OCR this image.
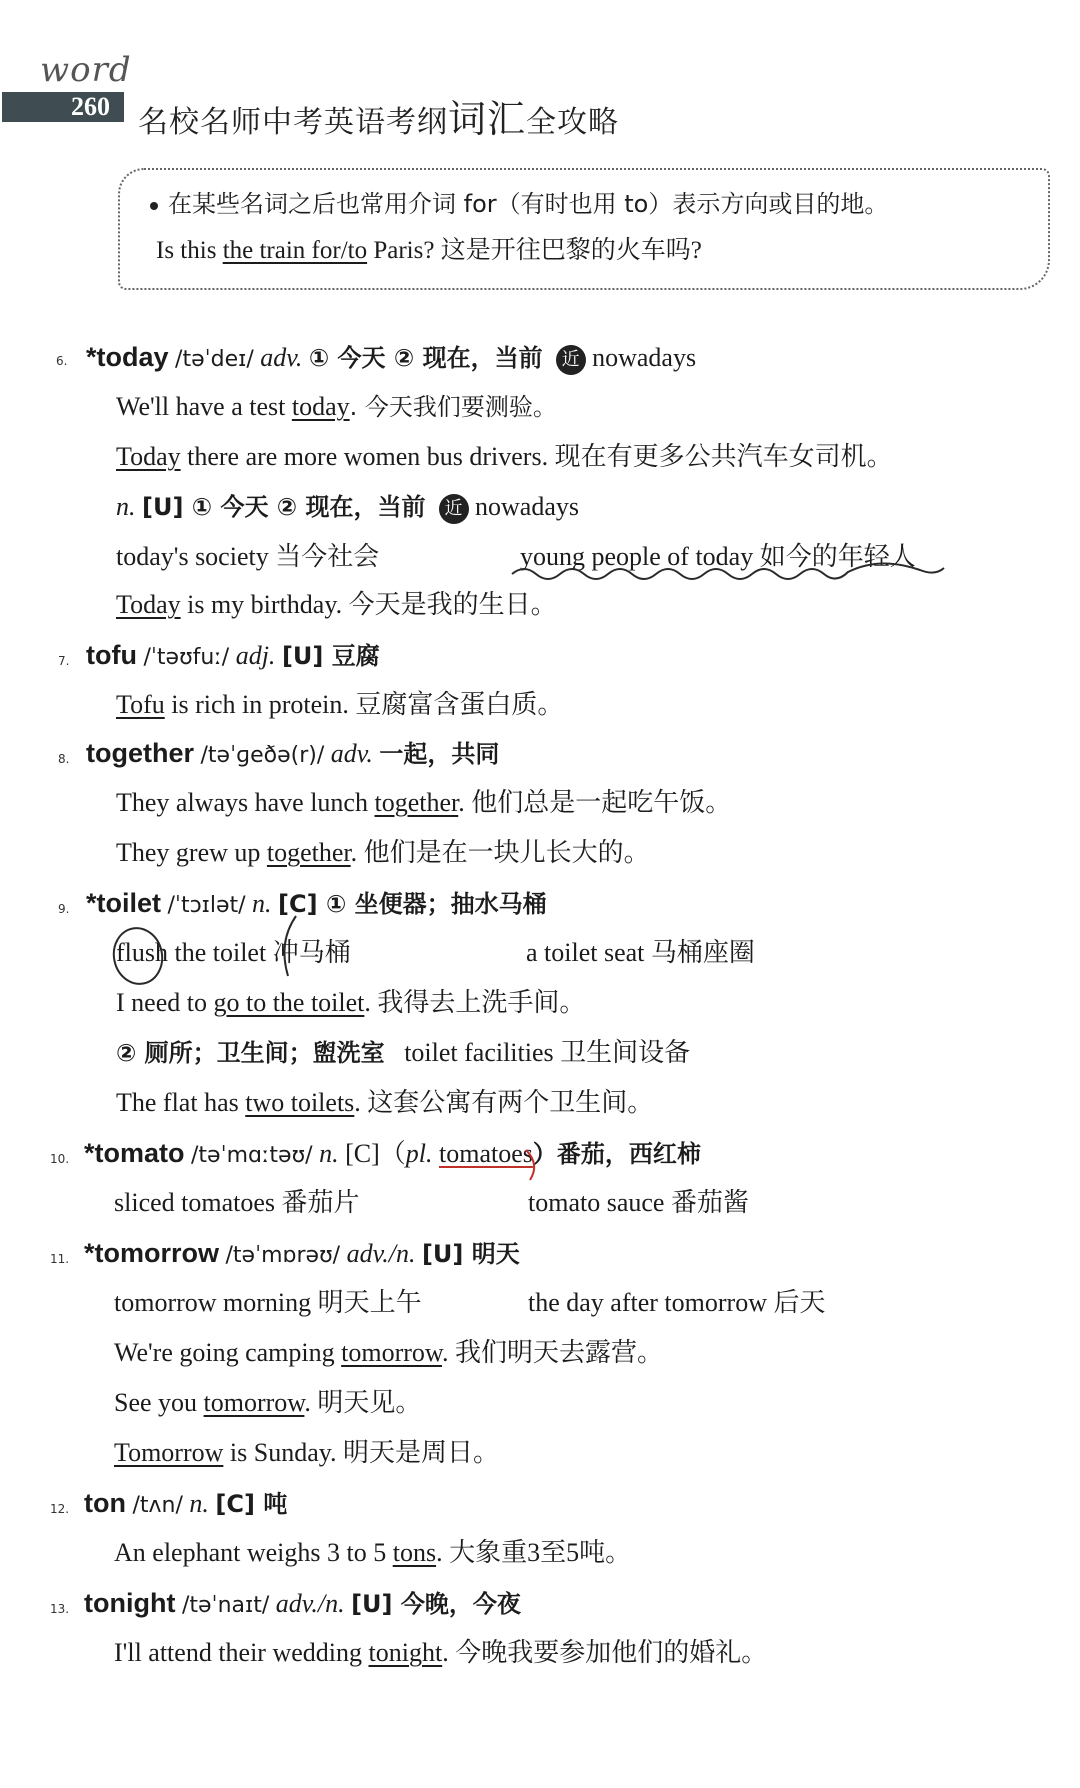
word
260 名校名师中考英语考纲词汇全攻略
在某些名词之后也常用介词 for（有时也用 to）表示方向或目的地。
Is this the train for/to Paris? 这是开往巴黎的火车吗?
6. *today /təˈdeɪ/ adv. ① 今天 ② 现在，当前 近 nowadays
We'll have a test today. 今天我们要测验。
Today there are more women bus drivers. 现在有更多公共汽车女司机。
n. [U] ① 今天 ② 现在，当前 近 nowadays
today's society 当今社会	young people of today 如今的年轻人
Today is my birthday. 今天是我的生日。
7. tofu /ˈtəʊfuː/ adj. [U] 豆腐
Tofu is rich in protein. 豆腐富含蛋白质。
8. together /təˈɡeðə(r)/ adv. 一起，共同
They always have lunch together. 他们总是一起吃午饭。
They grew up together. 他们是在一块儿长大的。
9. *toilet /ˈtɔɪlət/ n. [C] ① 坐便器；抽水马桶
flush the toilet 冲马桶	a toilet seat 马桶座圈
I need to go to the toilet. 我得去上洗手间。
② 厕所；卫生间；盥洗室 toilet facilities 卫生间设备
The flat has two toilets. 这套公寓有两个卫生间。
10. *tomato /təˈmɑːtəʊ/ n. [C]（pl. tomatoes）番茄，西红柿
sliced tomatoes 番茄片	tomato sauce 番茄酱
11. *tomorrow /təˈmɒrəʊ/ adv./n. [U] 明天
tomorrow morning 明天上午	the day after tomorrow 后天
We're going camping tomorrow. 我们明天去露营。
See you tomorrow. 明天见。
Tomorrow is Sunday. 明天是周日。
12. ton /tʌn/ n. [C] 吨
An elephant weighs 3 to 5 tons. 大象重3至5吨。
13. tonight /təˈnaɪt/ adv./n. [U] 今晚，今夜
I'll attend their wedding tonight. 今晚我要参加他们的婚礼。
